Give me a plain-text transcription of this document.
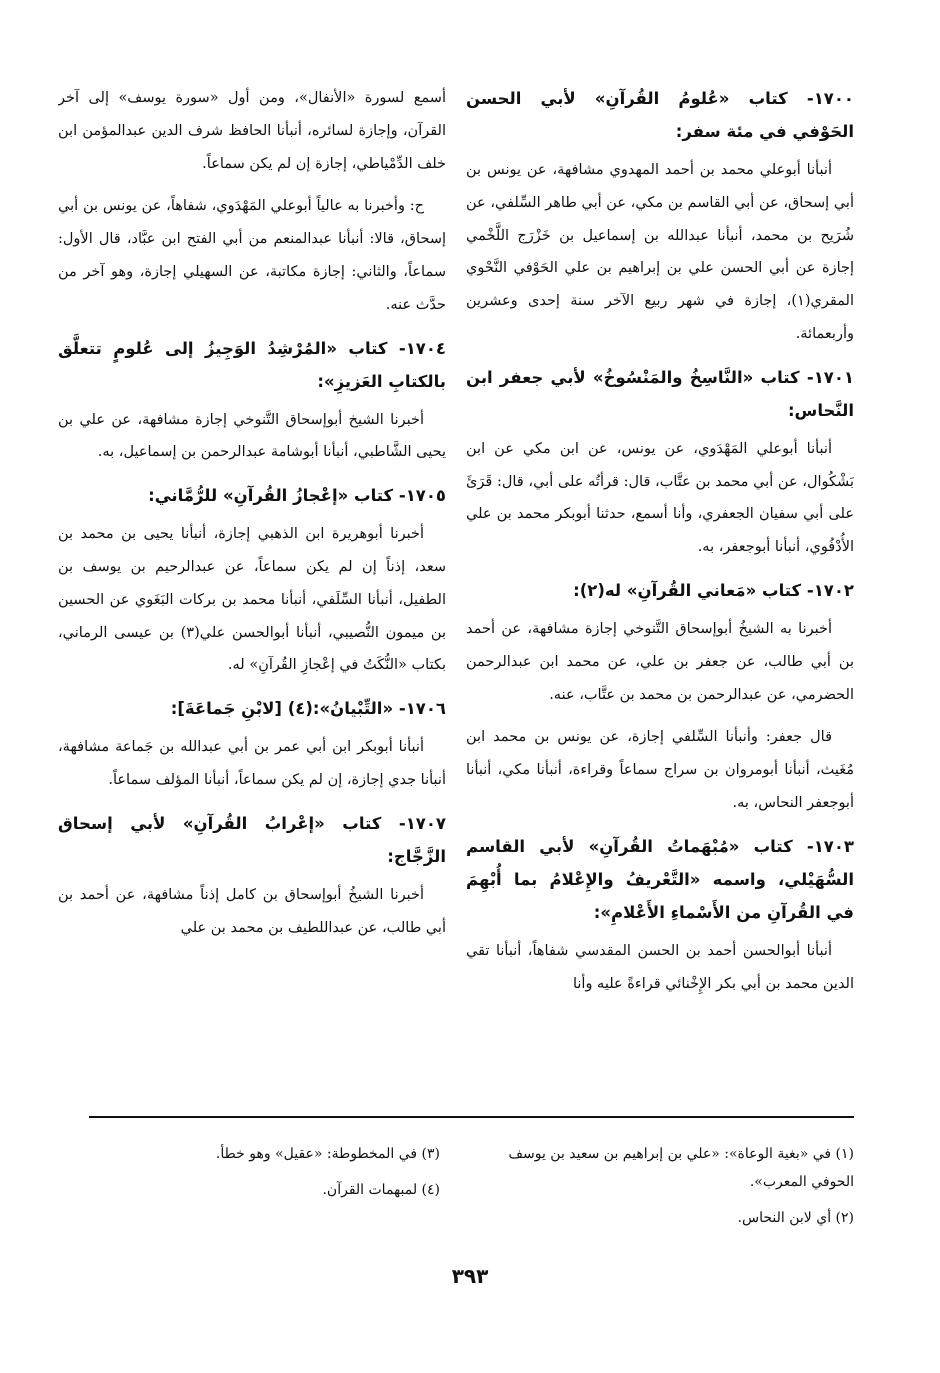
١٧٠٠- كتاب «عُلومُ القُرآنِ» لأبي الحسن الحَوْفي في مئة سفر:

أنبأنا أبوعلي محمد بن أحمد المهدوي مشافهة، عن يونس بن أبي إسحاق، عن أبي القاسم بن مكي، عن أبي طاهر السِّلفي، عن شُرَيح بن محمد، أنبأنا عبدالله بن إسماعيل بن خَزْرَج اللَّخْمي إجازة عن أبي الحسن علي بن إبراهيم بن علي الحَوْفي النَّحْوي المقري(١)، إجازة في شهر ربيع الآخر سنة إحدى وعشرين وأربعمائة.

١٧٠١- كتاب «النَّاسِخُ والمَنْسُوخُ» لأبي جعفر ابن النَّحاس:

أنبأنا أبوعلي المَهْدَوي، عن يونس، عن ابن مكي عن ابن بَشْكُوال، عن أبي محمد بن عتَّاب، قال: قرأتُه على أبي، قال: قَرَئَ على أبي سفيان الجعفري، وأنا أسمع، حدثنا أبوبكر محمد بن علي الأُدْفُوي، أنبأنا أبوجعفر، به.

١٧٠٢- كتاب «مَعاني القُرآنِ» له(٢):

أخبرنا به الشيخُ أبوإسحاق التَّنوخي إجازة مشافهة، عن أحمد بن أبي طالب، عن جعفر بن علي، عن محمد ابن عبدالرحمن الحضرمي، عن عبدالرحمن بن محمد بن عتَّاب، عنه.

قال جعفر: وأنبأنا السِّلفي إجازة، عن يونس بن محمد ابن مُغَيث، أنبأنا أبومروان بن سراج سماعاً وقراءة، أنبأنا مكي، أنبأنا أبوجعفر النحاس، به.

١٧٠٣- كتاب «مُبْهَماتُ القُرآنِ» لأبي القاسم السُّهَيْلي، واسمه «التَّعْريفُ والإِعْلامُ بما أُبْهِمَ في القُرآنِ من الأَسْماءِ الأَعْلامِ»:

أنبأنا أبوالحسن أحمد بن الحسن المقدسي شفاهاً، أنبأنا تقي الدين محمد بن أبي بكر الإِخْنائي قراءةً عليه وأنا

أسمع لسورة «الأنفال»، ومن أول «سورة يوسف» إلى آخر القرآن، وإجازة لسائره، أنبأنا الحافظ شرف الدين عبدالمؤمن ابن خلف الدِّمْياطي، إجازة إن لم يكن سماعاً.

ح: وأخبرنا به عالياً أبوعلي المَهْدَوي، شفاهاً، عن يونس بن أبي إسحاق، قالا: أنبأنا عبدالمنعم من أبي الفتح ابن عبَّاد، قال الأول: سماعاً، والثاني: إجازة مكاتبة، عن السهيلي إجازة، وهو آخر من حدَّث عنه.

١٧٠٤- كتاب «المُرْشِدُ الوَجِيزُ إلى عُلومٍ تتعلَّق بالكتابِ العَزيزِ»:

أخبرنا الشيخ أبوإسحاق التَّنوخي إجازة مشافهة، عن علي بن يحيى الشَّاطبي، أنبأنا أبوشامة عبدالرحمن بن إسماعيل، به.

١٧٠٥- كتاب «إعْجازُ القُرآنِ» للرُّمَّاني:

أخبرنا أبوهريرة ابن الذهبي إجازة، أنبأنا يحيى بن محمد بن سعد، إذناً إن لم يكن سماعاً، عن عبدالرحيم بن يوسف بن الطفيل، أنبأنا السِّلَفي، أنبأنا محمد بن بركات البَغَوي عن الحسين بن ميمون النُّصيبي، أنبأنا أبوالحسن علي(٣) بن عيسى الرماني، بكتاب «النُّكَتُ في إعْجازِ القُرآنِ» له.

١٧٠٦- «التِّبْيانُ»:(٤) [لابْنِ جَماعَةَ]:

أنبأنا أبوبكر ابن أبي عمر بن أبي عبدالله بن جَماعة مشافهة، أنبأنا جدي إجازة، إن لم يكن سماعاً، أنبأنا المؤلف سماعاً.

١٧٠٧- كتاب «إعْرابُ القُرآنِ» لأبي إسحاق الزَّجَّاج:

أخبرنا الشيخُ أبوإسحاق بن كامل إذناً مشافهة، عن أحمد بن أبي طالب، عن عبداللطيف بن محمد بن علي

(١) في «بغية الوعاة»: «علي بن إبراهيم بن سعيد بن يوسف الحوفي المعرب».

(٢) أي لابن النحاس.

(٣) في المخطوطة: «عقيل» وهو خطأ.

(٤) لمبهمات القرآن.

٣٩٣
